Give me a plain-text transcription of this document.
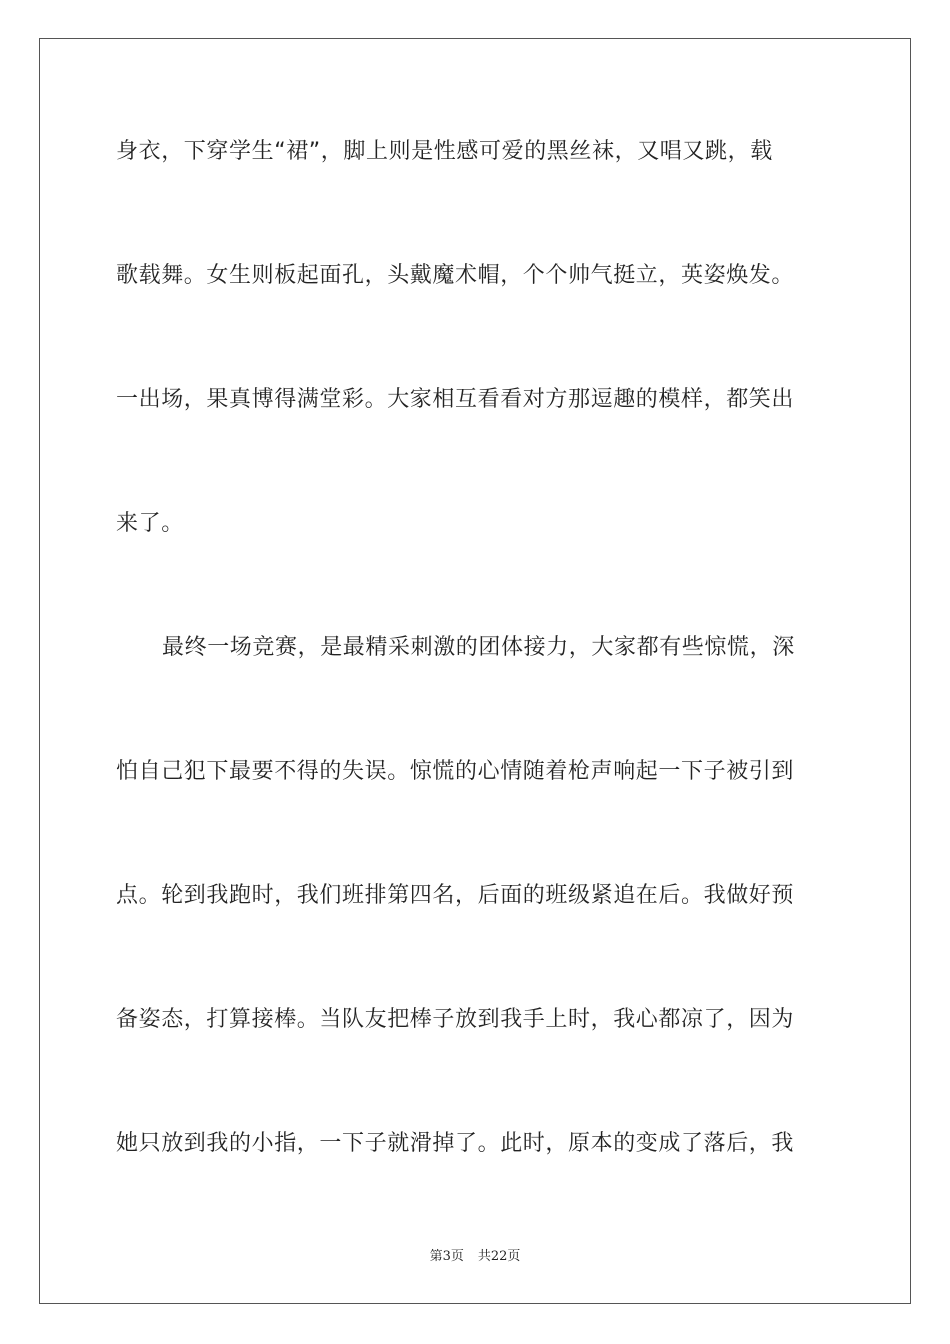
身衣，下穿学生“裙”，脚上则是性感可爱的黑丝袜，又唱又跳，载
歌载舞。女生则板起面孔，头戴魔术帽，个个帅气挺立，英姿焕发。
一出场，果真博得满堂彩。大家相互看看对方那逗趣的模样，都笑出
来了。
最终一场竞赛，是最精采刺激的团体接力，大家都有些惊慌，深
怕自己犯下最要不得的失误。惊慌的心情随着枪声响起一下子被引到
点。轮到我跑时，我们班排第四名，后面的班级紧追在后。我做好预
备姿态，打算接棒。当队友把棒子放到我手上时，我心都凉了，因为
她只放到我的小指，一下子就滑掉了。此时，原本的变成了落后，我
第3页 共22页
